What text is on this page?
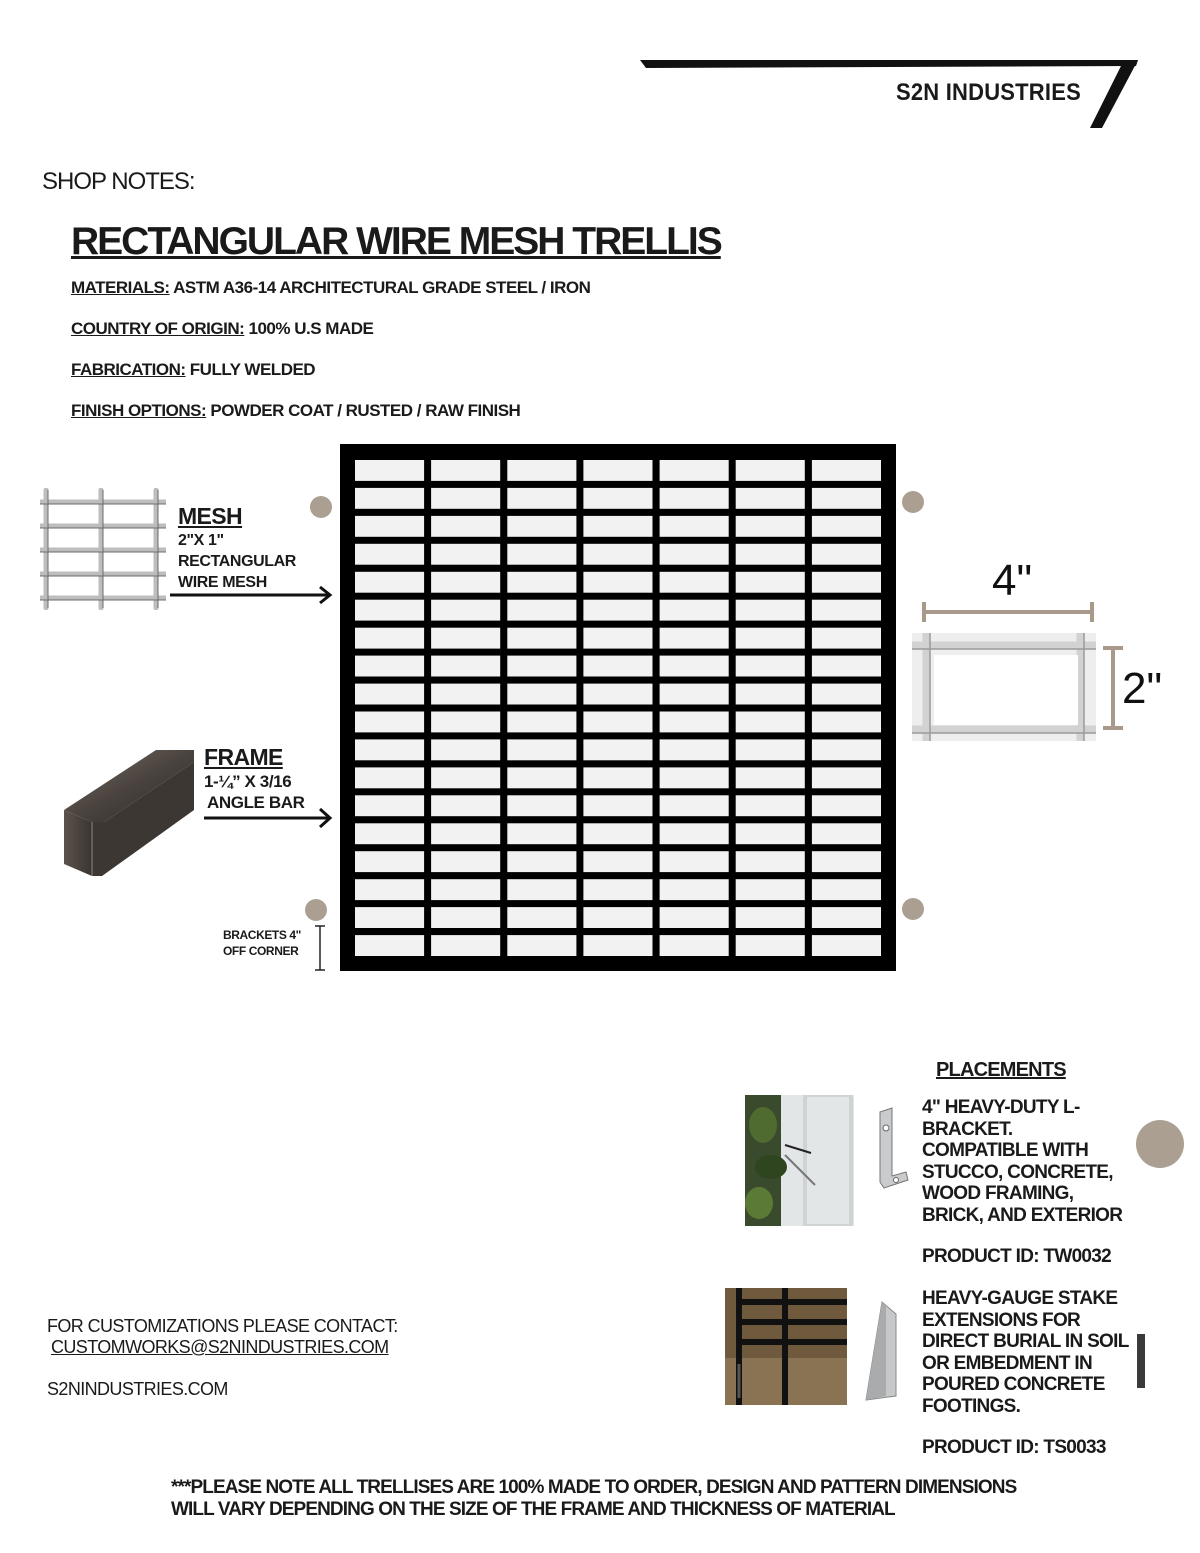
S2N INDUSTRIES
SHOP NOTES:
RECTANGULAR WIRE MESH TRELLIS
MATERIALS: ASTM A36-14 ARCHITECTURAL GRADE STEEL / IRON
COUNTRY OF ORIGIN: 100% U.S MADE
FABRICATION: FULLY WELDED
FINISH OPTIONS: POWDER COAT / RUSTED / RAW FINISH
MESH
2"X 1"
RECTANGULAR
WIRE MESH
FRAME
1-¼” X 3/16
ANGLE BAR
BRACKETS 4"
OFF CORNER
4"
2"
PLACEMENTS
4" HEAVY-DUTY L-
BRACKET.
COMPATIBLE WITH
STUCCO, CONCRETE,
WOOD FRAMING,
BRICK, AND EXTERIOR
PRODUCT ID: TW0032
HEAVY-GAUGE STAKE
EXTENSIONS FOR
DIRECT BURIAL IN SOIL
OR EMBEDMENT IN
POURED CONCRETE
FOOTINGS.
PRODUCT ID: TS0033
FOR CUSTOMIZATIONS PLEASE CONTACT:
CUSTOMWORKS@S2NINDUSTRIES.COM
S2NINDUSTRIES.COM
***PLEASE NOTE ALL TRELLISES ARE 100% MADE TO ORDER, DESIGN AND PATTERN DIMENSIONS
WILL VARY DEPENDING ON THE SIZE OF THE FRAME AND THICKNESS OF MATERIAL
